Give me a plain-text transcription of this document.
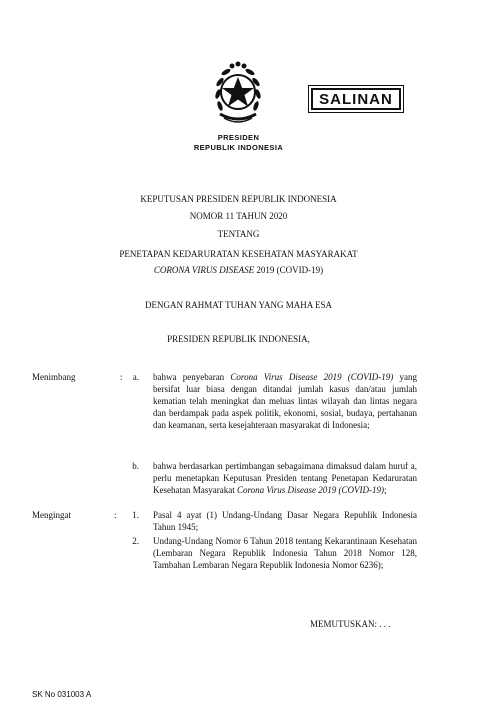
SALINAN
PRESIDEN
REPUBLIK INDONESIA
KEPUTUSAN PRESIDEN REPUBLIK INDONESIA
NOMOR 11 TAHUN 2020
TENTANG
PENETAPAN KEDARURATAN KESEHATAN MASYARAKAT
CORONA VIRUS DISEASE 2019 (COVID-19)
DENGAN RAHMAT TUHAN YANG MAHA ESA
PRESIDEN REPUBLIK INDONESIA,
Menimbang	:	a. bahwa penyebaran Corona Virus Disease 2019 (COVID-19) yang bersifat luar biasa dengan ditandai jumlah kasus dan/atau jumlah kematian telah meningkat dan meluas lintas wilayah dan lintas negara dan berdampak pada aspek politik, ekonomi, sosial, budaya, pertahanan dan keamanan, serta kesejahteraan masyarakat di Indonesia;
b. bahwa berdasarkan pertimbangan sebagaimana dimaksud dalam huruf a, perlu menetapkan Keputusan Presiden tentang Penetapan Kedaruratan Kesehatan Masyarakat Corona Virus Disease 2019 (COVID-19);
Mengingat	:	1. Pasal 4 ayat (1) Undang-Undang Dasar Negara Republik Indonesia Tahun 1945;
2. Undang-Undang Nomor 6 Tahun 2018 tentang Kekarantinaan Kesehatan (Lembaran Negara Republik Indonesia Tahun 2018 Nomor 128, Tambahan Lembaran Negara Republik Indonesia Nomor 6236);
MEMUTUSKAN: . . .
SK No 031003 A
